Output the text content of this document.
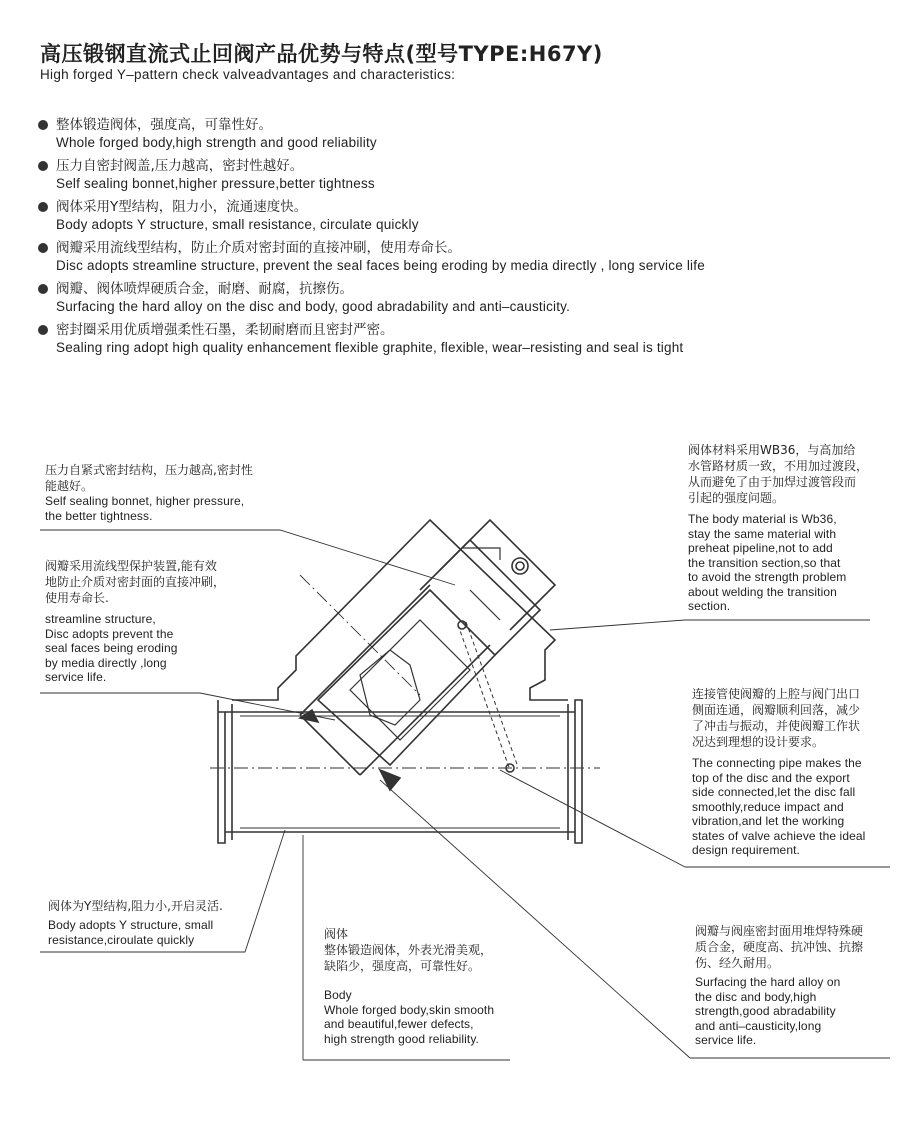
高压锻钢直流式止回阀产品优势与特点(型号TYPE:H67Y)
High forged Y–pattern check valveadvantages and characteristics:
整体锻造阀体，强度高，可靠性好。
Whole forged body,high strength and good reliability
压力自密封阀盖,压力越高，密封性越好。
Self sealing bonnet,higher pressure,better tightness
阀体采用Y型结构，阻力小，流通速度快。
Body adopts Y structure, small resistance, circulate quickly
阀瓣采用流线型结构，防止介质对密封面的直接冲刷，使用寿命长。
Disc adopts streamline structure, prevent the seal faces being eroding by media directly , long service life
阀瓣、阀体喷焊硬质合金，耐磨、耐腐，抗擦伤。
Surfacing the hard alloy on the disc and body, good abradability and anti–causticity.
密封圈采用优质增强柔性石墨，柔韧耐磨而且密封严密。
Sealing ring adopt high quality enhancement flexible graphite, flexible, wear–resisting and seal is tight

压力自紧式密封结构，压力越高,密封性

能越好。

Self sealing bonnet, higher pressure,

the better tightness.

阀瓣采用流线型保护装置,能有效

地防止介质对密封面的直接冲刷，

使用寿命长.

streamline structure,

Disc adopts prevent the

seal faces being eroding

by media directly ,long

service life.

阀体材料采用WB36，与高加给

水管路材质一致，不用加过渡段，

从而避免了由于加焊过渡管段而

引起的强度问题。

The body material is Wb36,

stay the same material with

preheat pipeline,not to add

the transition section,so that

to avoid the strength problem

about welding the transition

section.

连接管使阀瓣的上腔与阀门出口

侧面连通，阀瓣顺利回落，减少

了冲击与振动，并使阀瓣工作状

况达到理想的设计要求。

The connecting pipe makes the

top of the disc and the export

side connected,let the disc fall

smoothly,reduce impact and

vibration,and let the working

states of valve achieve the ideal

design requirement.

阀体为Y型结构,阻力小,开启灵活.

Body adopts Y structure, small

resistance,ciroulate quickly	阀体

整体锻造阀体，外表光滑美观，

缺陷少，强度高，可靠性好。

Body

Whole forged body,skin smooth

and beautiful,fewer defects,

high strength good reliability.

阀瓣与阀座密封面用堆焊特殊硬

质合金，硬度高、抗冲蚀、抗擦

伤、经久耐用。

Surfacing the hard alloy on

the disc and body,high

strength,good abradability

and anti–causticity,long

service life.
